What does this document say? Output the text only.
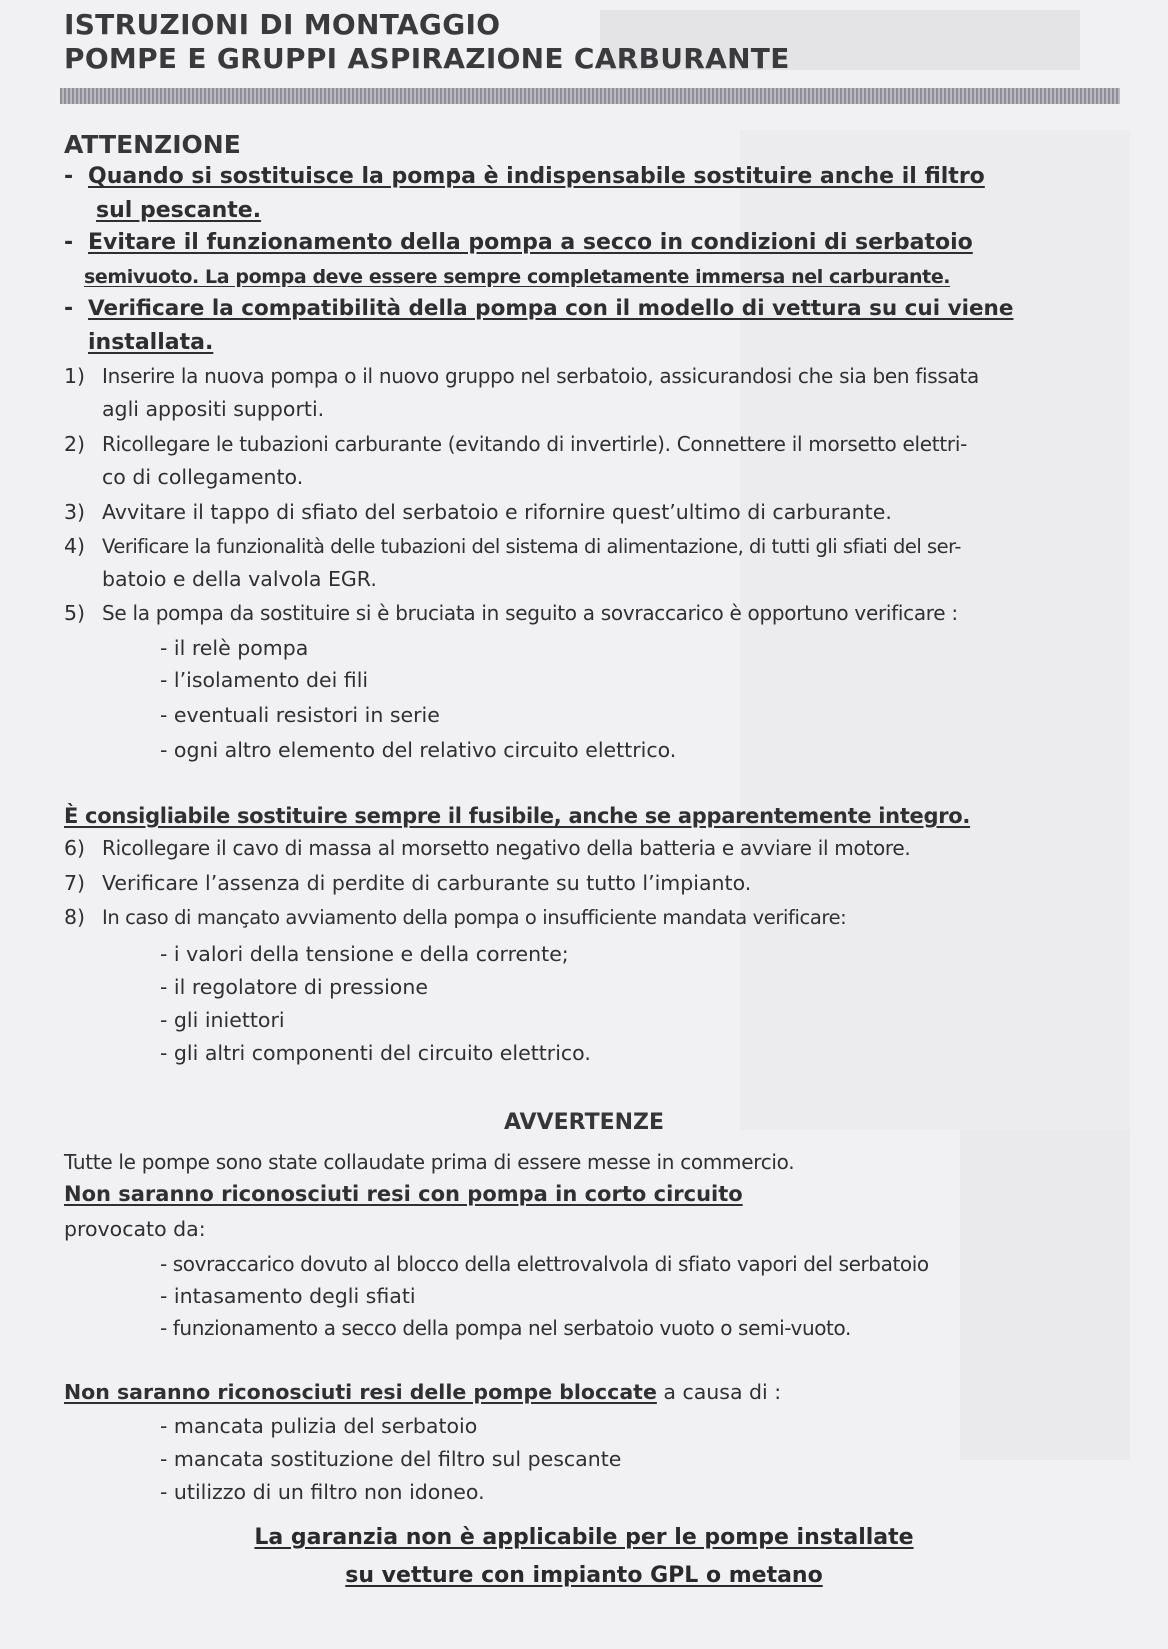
ISTRUZIONI DI MONTAGGIO
POMPE E GRUPPI ASPIRAZIONE CARBURANTE
ATTENZIONE
- Quando si sostituisce la pompa è indispensabile sostituire anche il filtro
sul pescante.
- Evitare il funzionamento della pompa a secco in condizioni di serbatoio
semivuoto. La pompa deve essere sempre completamente immersa nel carburante.
- Verificare la compatibilità della pompa con il modello di vettura su cui viene
installata.
1) Inserire la nuova pompa o il nuovo gruppo nel serbatoio, assicurandosi che sia ben fissata
agli appositi supporti.
2) Ricollegare le tubazioni carburante (evitando di invertirle). Connettere il morsetto elettri-
co di collegamento.
3) Avvitare il tappo di sfiato del serbatoio e rifornire quest’ultimo di carburante.
4) Verificare la funzionalità delle tubazioni del sistema di alimentazione, di tutti gli sfiati del ser-
batoio e della valvola EGR.
5) Se la pompa da sostituire si è bruciata in seguito a sovraccarico è opportuno verificare :
- il relè pompa
- l’isolamento dei fili
- eventuali resistori in serie
- ogni altro elemento del relativo circuito elettrico.
È consigliabile sostituire sempre il fusibile, anche se apparentemente integro.
6) Ricollegare il cavo di massa al morsetto negativo della batteria e avviare il motore.
7) Verificare l’assenza di perdite di carburante su tutto l’impianto.
8) In caso di mançato avviamento della pompa o insufficiente mandata verificare:
- i valori della tensione e della corrente;
- il regolatore di pressione
- gli iniettori
- gli altri componenti del circuito elettrico.
AVVERTENZE
Tutte le pompe sono state collaudate prima di essere messe in commercio.
Non saranno riconosciuti resi con pompa in corto circuito
provocato da:
- sovraccarico dovuto al blocco della elettrovalvola di sfiato vapori del serbatoio
- intasamento degli sfiati
- funzionamento a secco della pompa nel serbatoio vuoto o semi-vuoto.
Non saranno riconosciuti resi delle pompe bloccate a causa di :
- mancata pulizia del serbatoio
- mancata sostituzione del filtro sul pescante
- utilizzo di un filtro non idoneo.
La garanzia non è applicabile per le pompe installate
su vetture con impianto GPL o metano
